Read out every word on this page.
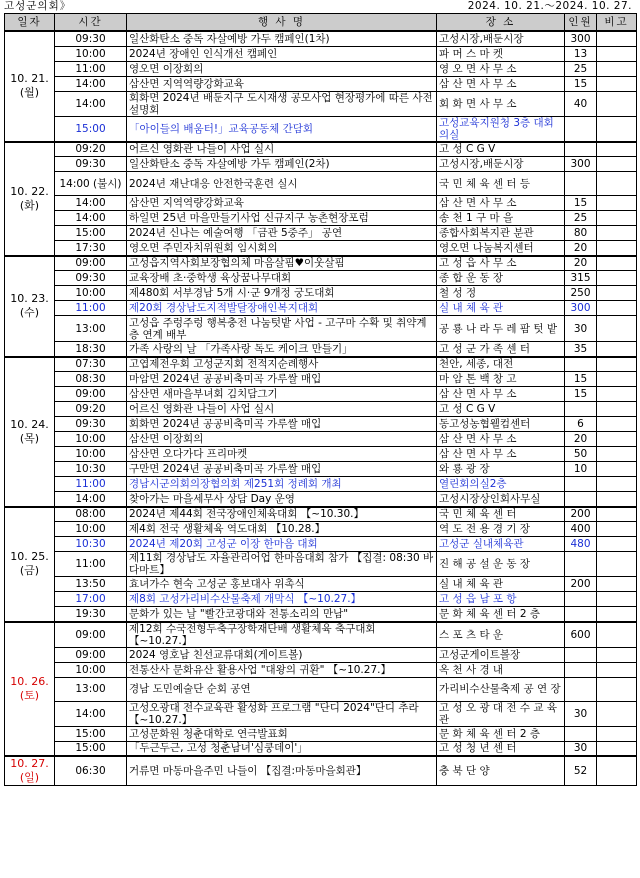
고성군의회》	2024. 10. 21.～2024. 10. 27.
일자	시간	행 사 명	장 소	인원	비고

10. 21.
(월)	09:30	일산화탄소 중독 자살예방 가두 캠페인(1차)	고성시장,배둔시장	300	
	10:00	2024년 장애인 인식개선 캠페인	파 머 스 마 켓	13	
	11:00	영오면 이장회의	영 오 면 사 무 소	25	
	14:00	삼산면 지역역량강화교육	삼 산 면 사 무 소	15	
	14:00	회화면 2024년 배둔지구 도시재생 공모사업 현장평가에 따른 사전설명회	회 화 면 사 무 소	40	
	15:00	「아이들의 배움터!」교육공동체 간담회	고성교육지원청 3층 대회의실		

10. 22.
(화)	09:20	어르신 영화관 나들이 사업 실시	고 성 C G V		
	09:30	일산화탄소 중독 자살예방 가두 캠페인(2차)	고성시장,배둔시장	300	
	14:00 (불시)	2024년 재난대응 안전한국훈련 실시	국 민 체 육 센 터 등		
	14:00	삼산면 지역역량강화교육	삼 산 면 사 무 소	15	
	14:00	하일면 25년 마을만들기사업 신규지구 농촌현장포럼	송 천 1 구 마 을	25	
	15:00	2024년 신나는 예술여행 「금관 5중주」 공연	종합사회복지관 분관	80	
	17:30	영오면 주민자치위원회 임시회의	영오면 나눔복지센터	20	

10. 23.
(수)	09:00	고성읍지역사회보장협의체 마음살핌♥이웃살핌	고 성 읍 사 무 소	20	
	09:30	교육장배 초·중학생 육상꿈나무대회	종 합 운 동 장	315	
	10:00	제480회 서부경남 5개 시·군 9개정 궁도대회	철 성 정	250	
	11:00	제20회 경상남도지적발달장애인복지대회	실 내 체 육 관	300	
	13:00	고성읍 주렁주렁 행복충전 나눔텃밭 사업 - 고구마 수확 및 취약계층 연계 배부	공 룡 나 라 두 레 팜 텃 밭	30	
	18:30	가족 사랑의 날 「가족사랑 독도 케이크 만들기」	고 성 군 가 족 센 터	35	

10. 24.
(목)	07:30	고엽제전우회 고성군지회 전적지순례행사	천안, 세종, 대전		
	08:30	마암면 2024년 공공비축미곡 가루쌀 매입	마 암 톤 백 창 고	15	
	09:00	삼산면 새마을부녀회 김치담그기	삼 산 면 사 무 소	15	
	09:20	어르신 영화관 나들이 사업 실시	고 성 C G V		
	09:30	회화면 2024년 공공비축미곡 가루쌀 매입	동고성농협웰컴센터	6	
	10:00	삼산면 이장회의	삼 산 면 사 무 소	20	
	10:00	삼산면 오다가다 프리마켓	삼 산 면 사 무 소	50	
	10:30	구만면 2024년 공공비축미곡 가루쌀 매입	와 룡 광 장	10	
	11:00	경남시군의회의장협의회 제251회 정례회 개최	열린회의실2층		
	14:00	찾아가는 마을세무사 상담 Day 운영	고성시장상인회사무실		

10. 25.
(금)	08:00	2024년 제44회 전국장애인체육대회 【~10.30.】	국 민 체 육 센 터	200	
	10:00	제4회 전국 생활체육 역도대회 【10.28.】	역 도 전 용 경 기 장	400	
	10:30	2024년 제20회 고성군 이장 한마음 대회	고성군 실내체육관	480	
	11:00	제11회 경상남도 자율관리어업 한마음대회 참가 【집결: 08:30 바다마트】	진 해 공 설 운 동 장		
	13:50	효녀가수 현숙 고성군 홍보대사 위촉식	실 내 체 육 관	200	
	17:00	제8회 고성가리비수산물축제 개막식 【~10.27.】	고 성 읍 남 포 항		
	19:30	문화가 있는 날 "빨간코광대와 전통소리의 만남"	문 화 체 육 센 터 2 층		

10. 26.
(토)	09:00	제12회 수국전형두축구장학재단배 생활체육 축구대회 【~10.27.】	스 포 츠 타 운	600	
	09:00	2024 영호남 친선교류대회(게이트볼)	고성군게이트볼장		
	10:00	전통산사 문화유산 활용사업 "대왕의 귀환" 【~10.27.】	옥 천 사 경 내		
	13:00	경남 도민예술단 순회 공연	가리비수산물축제 공 연 장		
	14:00	고성오광대 전수교육관 활성화 프로그램 "단디 2024"단디 추라 【~10.27.】	고 성 오 광 대 전 수 교 육 관	30	
	15:00	고성문화원 청춘대학로 연극발표회	문 화 체 육 센 터 2 층		
	15:00	「두근두근, 고성 청춘남녀'심쿵데이'」	고 성 청 년 센 터	30	

10. 27.
(일)	06:30	거류면 마동마을주민 나들이 【집결:마동마을회관】	충 북 단 양	52	
